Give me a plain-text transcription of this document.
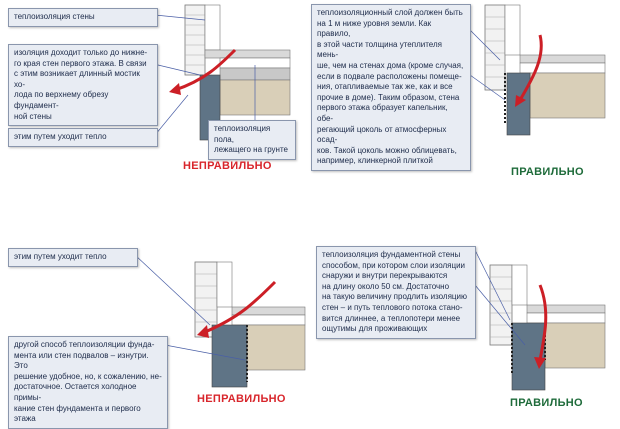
теплоизоляция стены
изоляция доходит только до нижне-
го края стен первого этажа. В связи
с этим возникает длинный мостик хо-
лода по верхнему обрезу фундамент-
ной стены
этим путем уходит тепло
теплоизоляция пола,
лежащего на грунте
НЕПРАВИЛЬНО
теплоизоляционный слой должен быть
на 1 м ниже уровня земли. Как правило,
в этой части толщина утеплителя мень-
ше, чем на стенах дома (кроме случая,
если в подвале расположены помеще-
ния, отапливаемые так же, как и все
прочие в доме). Таким образом, стена
первого этажа образует капельник, обе-
регающий цоколь от атмосферных осад-
ков. Такой цоколь можно облицевать,
например, клинкерной плиткой
ПРАВИЛЬНО
этим путем уходит тепло
другой способ теплоизоляции фунда-
мента или стен подвалов – изнутри. Это
решение удобное, но, к сожалению, не-
достаточное. Остается холодное примы-
кание стен фундамента и первого этажа
НЕПРАВИЛЬНО
теплоизоляция фундаментной стены
способом, при котором слои изоляции
снаружи и внутри перекрываются
на длину около 50 см. Достаточно
на такую величину продлить изоляцию
стен – и путь теплового потока стано-
вится длиннее, а теплопотери менее
ощутимы для проживающих
ПРАВИЛЬНО
